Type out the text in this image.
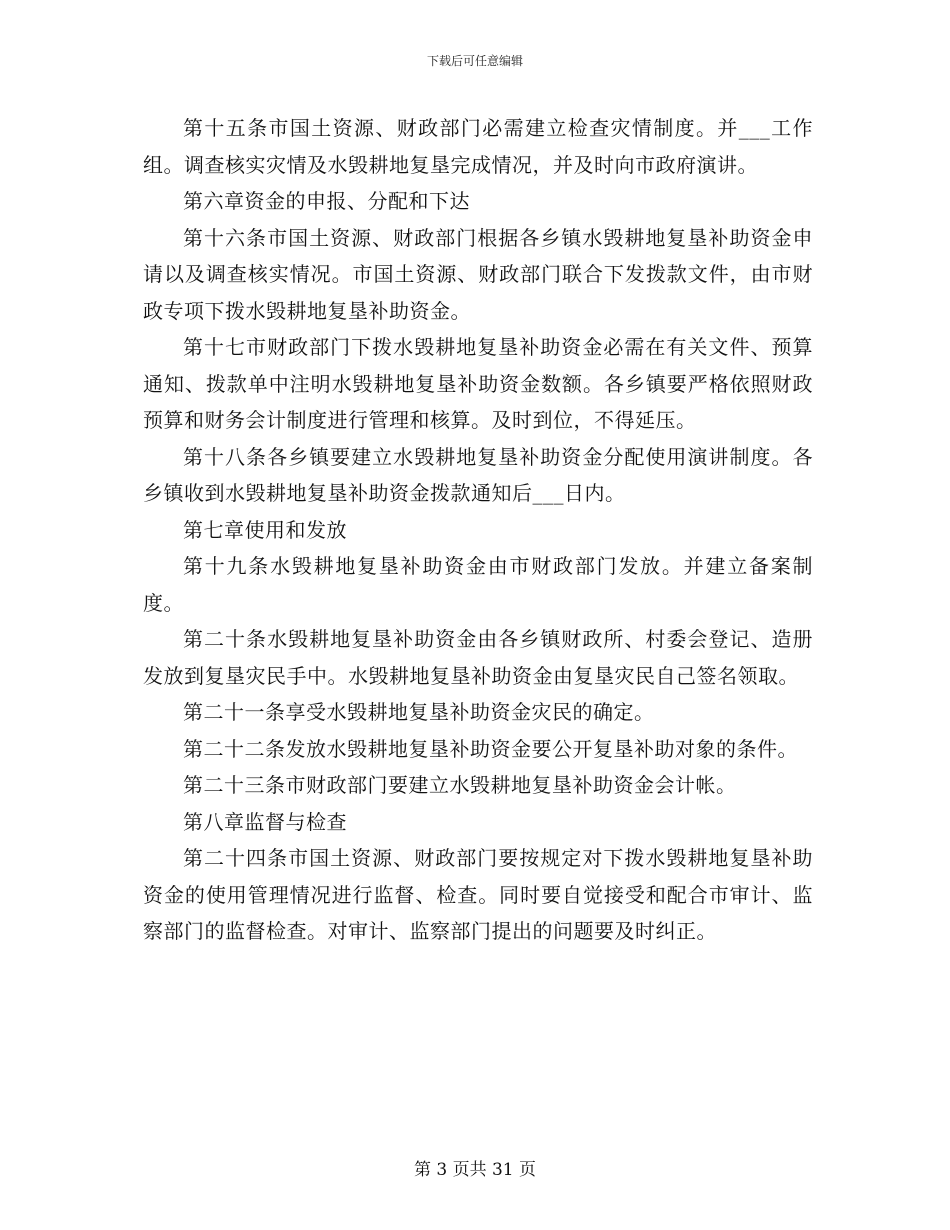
下载后可任意编辑

第十五条市国土资源、财政部门必需建立检查灾情制度。并___工作组。调查核实灾情及水毁耕地复垦完成情况，并及时向市政府演讲。

第六章资金的申报、分配和下达

第十六条市国土资源、财政部门根据各乡镇水毁耕地复垦补助资金申请以及调查核实情况。市国土资源、财政部门联合下发拨款文件，由市财政专项下拨水毁耕地复垦补助资金。

第十七市财政部门下拨水毁耕地复垦补助资金必需在有关文件、预算通知、拨款单中注明水毁耕地复垦补助资金数额。各乡镇要严格依照财政预算和财务会计制度进行管理和核算。及时到位，不得延压。

第十八条各乡镇要建立水毁耕地复垦补助资金分配使用演讲制度。各乡镇收到水毁耕地复垦补助资金拨款通知后___日内。

第七章使用和发放

第十九条水毁耕地复垦补助资金由市财政部门发放。并建立备案制度。

第二十条水毁耕地复垦补助资金由各乡镇财政所、村委会登记、造册发放到复垦灾民手中。水毁耕地复垦补助资金由复垦灾民自己签名领取。

第二十一条享受水毁耕地复垦补助资金灾民的确定。

第二十二条发放水毁耕地复垦补助资金要公开复垦补助对象的条件。

第二十三条市财政部门要建立水毁耕地复垦补助资金会计帐。

第八章监督与检查

第二十四条市国土资源、财政部门要按规定对下拨水毁耕地复垦补助资金的使用管理情况进行监督、检查。同时要自觉接受和配合市审计、监察部门的监督检查。对审计、监察部门提出的问题要及时纠正。

第 3 页共 31 页
